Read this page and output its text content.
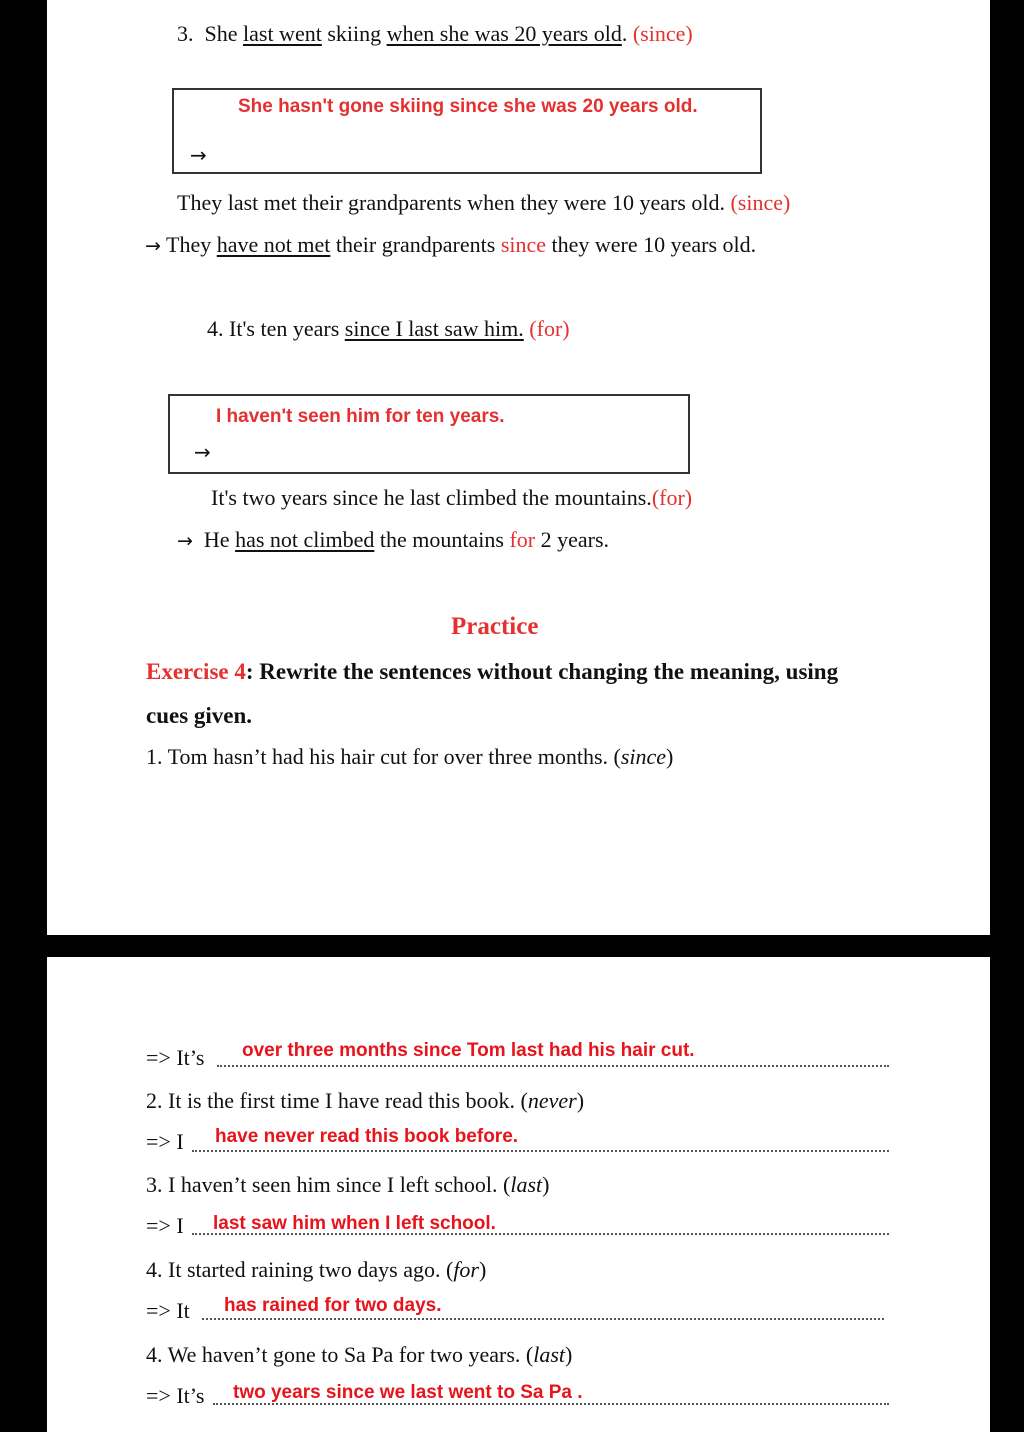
3. She last went skiing when she was 20 years old. (since)
She hasn't gone skiing since she was 20 years old.
→
They last met their grandparents when they were 10 years old. (since)
→ They have not met their grandparents since they were 10 years old.
4. It's ten years since I last saw him. (for)
I haven't seen him for ten years.
→
It's two years since he last climbed the mountains.(for)
→ He has not climbed the mountains for 2 years.
Practice
Exercise 4: Rewrite the sentences without changing the meaning, using
cues given.
1. Tom hasn’t had his hair cut for over three months. (since)
=> It’s over three months since Tom last had his hair cut.
2. It is the first time I have read this book. (never)
=> I have never read this book before.
3. I haven’t seen him since I left school. (last)
=> I last saw him when I left school.
4. It started raining two days ago. (for)
=> It has rained for two days.
4. We haven’t gone to Sa Pa for two years. (last)
=> It’s two years since we last went to Sa Pa .
